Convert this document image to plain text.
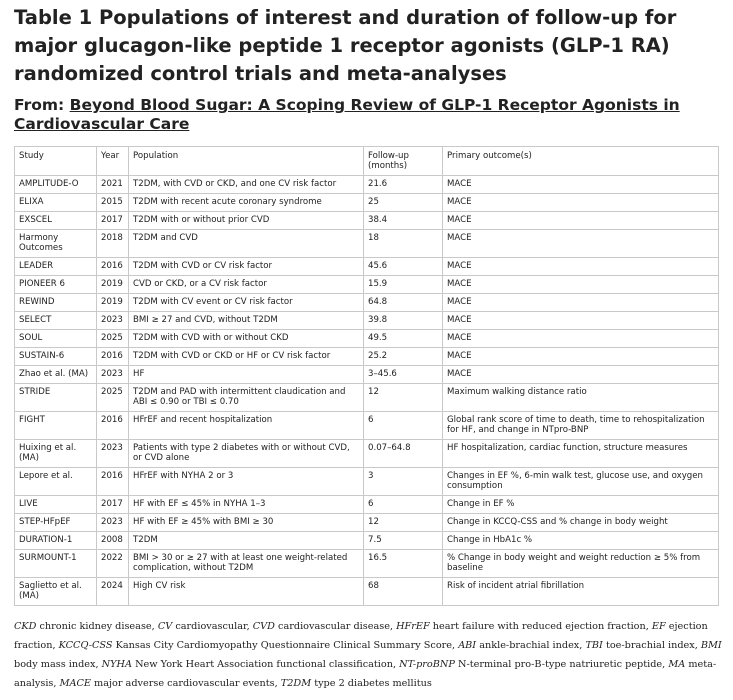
Table 1 Populations of interest and duration of follow-up for major glucagon-like peptide 1 receptor agonists (GLP-1 RA) randomized control trials and meta-analyses

From: Beyond Blood Sugar: A Scoping Review of GLP-1 Receptor Agonists in Cardiovascular Care

Study	Year	Population	Follow-up (months)	Primary outcome(s)
AMPLITUDE-O	2021	T2DM, with CVD or CKD, and one CV risk factor	21.6	MACE
ELIXA	2015	T2DM with recent acute coronary syndrome	25	MACE
EXSCEL	2017	T2DM with or without prior CVD	38.4	MACE
Harmony Outcomes	2018	T2DM and CVD	18	MACE
LEADER	2016	T2DM with CVD or CV risk factor	45.6	MACE
PIONEER 6	2019	CVD or CKD, or a CV risk factor	15.9	MACE
REWIND	2019	T2DM with CV event or CV risk factor	64.8	MACE
SELECT	2023	BMI ≥ 27 and CVD, without T2DM	39.8	MACE
SOUL	2025	T2DM with CVD with or without CKD	49.5	MACE
SUSTAIN-6	2016	T2DM with CVD or CKD or HF or CV risk factor	25.2	MACE
Zhao et al. (MA)	2023	HF	3–45.6	MACE
STRIDE	2025	T2DM and PAD with intermittent claudication and ABI ≤ 0.90 or TBI ≤ 0.70	12	Maximum walking distance ratio
FIGHT	2016	HFrEF and recent hospitalization	6	Global rank score of time to death, time to rehospitalization for HF, and change in NTpro-BNP
Huixing et al. (MA)	2023	Patients with type 2 diabetes with or without CVD, or CVD alone	0.07–64.8	HF hospitalization, cardiac function, structure measures
Lepore et al.	2016	HFrEF with NYHA 2 or 3	3	Changes in EF %, 6-min walk test, glucose use, and oxygen consumption
LIVE	2017	HF with EF ≤ 45% in NYHA 1–3	6	Change in EF %
STEP-HFpEF	2023	HF with EF ≥ 45% with BMI ≥ 30	12	Change in KCCQ-CSS and % change in body weight
DURATION-1	2008	T2DM	7.5	Change in HbA1c %
SURMOUNT-1	2022	BMI > 30 or ≥ 27 with at least one weight-related complication, without T2DM	16.5	% Change in body weight and weight reduction ≥ 5% from baseline
Saglietto et al. (MA)	2024	High CV risk	68	Risk of incident atrial fibrillation

CKD chronic kidney disease, CV cardiovascular, CVD cardiovascular disease, HFrEF heart failure with reduced ejection fraction, EF ejection fraction, KCCQ-CSS Kansas City Cardiomyopathy Questionnaire Clinical Summary Score, ABI ankle-brachial index, TBI toe-brachial index, BMI body mass index, NYHA New York Heart Association functional classification, NT-proBNP N-terminal pro-B-type natriuretic peptide, MA meta-analysis, MACE major adverse cardiovascular events, T2DM type 2 diabetes mellitus
